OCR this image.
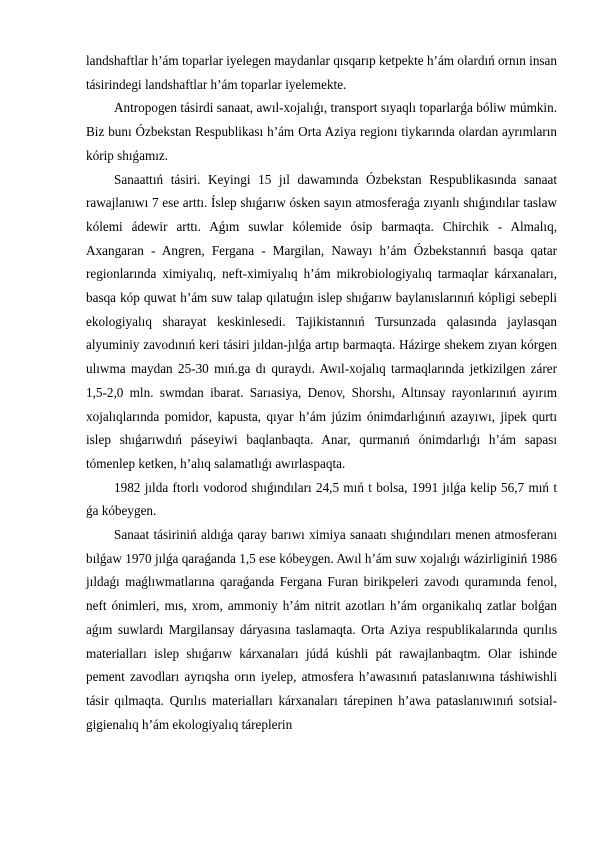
landshaftlar h’ám toparlar iyelegen maydanlar qısqarıp ketpekte h’ám olardıń ornın insan tásirindegi landshaftlar h’ám toparlar iyelemekte.

Antropogen tásirdi sanaat, awıl-xojalıǵı, transport sıyaqlı toparlarǵa bóliw múmkin. Biz bunı Ózbekstan Respublikası h’ám Orta Aziya regionı tiykarında olardan ayrımların kórip shıǵamız.

Sanaattıń tásiri. Keyingi 15 jıl dawamında Ózbekstan Respublikasında sanaat rawajlanıwı 7 ese arttı. Íslep shıǵarıw ósken sayın atmosferaǵa zıyanlı shıǵındılar taslaw kólemi ádewir arttı. Aǵım suwlar kólemide ósip barmaqta. Chirchik - Almalıq, Axangaran - Angren, Fergana - Margilan, Nawayı h’ám Ózbekstannıń basqa qatar regionlarında ximiyalıq, neft-ximiyalıq h’ám mikrobiologiyalıq tarmaqlar kárxanaları, basqa kóp quwat h’ám suw talap qılatuǵın islep shıǵarıw baylanıslarınıń kópligi sebepli ekologiyalıq sharayat keskinlesedi. Tajikistannıń Tursunzada qalasında jaylasqan alyuminiy zavodınıń keri tásiri jıldan-jılǵa artıp barmaqta. Házirge shekem zıyan kórgen ulıwma maydan 25-30 mıń.ga dı quraydı. Awıl-xojalıq tarmaqlarında jetkizilgen zárer 1,5-2,0 mln. swmdan ibarat. Sarıasiya, Denov, Shorshı, Altınsay rayonlarınıń ayırım xojalıqlarında pomidor, kapusta, qıyar h’ám júzim ónimdarlıǵınıń azayıwı, jipek qurtı islep shıǵarıwdıń páseyiwi baqlanbaqta. Anar, qurmanıń ónimdarlıǵı h’ám sapası tómenlep ketken, h’alıq salamatlıǵı awırlaspaqta.

1982 jılda ftorlı vodorod shıǵındıları 24,5 mıń t bolsa, 1991 jılǵa kelip 56,7 mıń t ǵa kóbeygen.

Sanaat tásiriniń aldıǵa qaray barıwı ximiya sanaatı shıǵındıları menen atmosferanı bılǵaw 1970 jılǵa qaraǵanda 1,5 ese kóbeygen. Awıl h’ám suw xojalıǵı wázirliginiń 1986 jıldaǵı maǵlıwmatlarına qaraǵanda Fergana Furan birikpeleri zavodı quramında fenol, neft ónimleri, mıs, xrom, ammoniy h’ám nitrit azotları h’ám organikalıq zatlar bolǵan aǵım suwlardı Margilansay dáryasına taslamaqta. Orta Aziya respublikalarında qurılıs materialları islep shıǵarıw kárxanaları júdá kúshli pát rawajlanbaqtm. Olar ishinde pement zavodları ayrıqsha orın iyelep, atmosfera h’awasınıń pataslanıwına táshiwishli tásir qılmaqta. Qurılıs materialları kárxanaları tárepinen h’awa pataslanıwınıń sotsial-gigienalıq h’ám ekologiyalıq táreplerin
